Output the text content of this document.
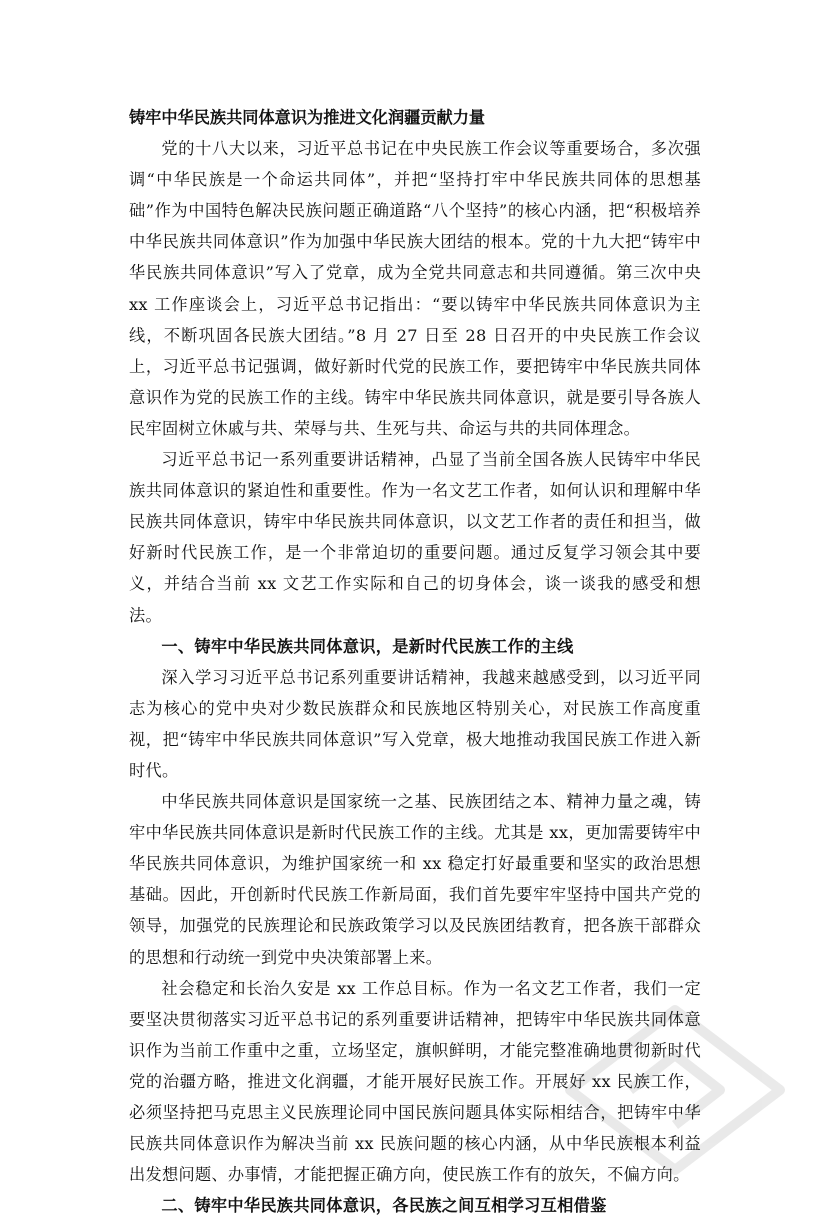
铸牢中华民族共同体意识为推进文化润疆贡献力量

党的十八大以来，习近平总书记在中央民族工作会议等重要场合，多次强调“中华民族是一个命运共同体”，并把“坚持打牢中华民族共同体的思想基础”作为中国特色解决民族问题正确道路“八个坚持”的核心内涵，把“积极培养中华民族共同体意识”作为加强中华民族大团结的根本。党的十九大把“铸牢中华民族共同体意识”写入了党章，成为全党共同意志和共同遵循。第三次中央 xx 工作座谈会上，习近平总书记指出：“要以铸牢中华民族共同体意识为主线，不断巩固各民族大团结。”8 月 27 日至 28 日召开的中央民族工作会议上，习近平总书记强调，做好新时代党的民族工作，要把铸牢中华民族共同体意识作为党的民族工作的主线。铸牢中华民族共同体意识，就是要引导各族人民牢固树立休戚与共、荣辱与共、生死与共、命运与共的共同体理念。

习近平总书记一系列重要讲话精神，凸显了当前全国各族人民铸牢中华民族共同体意识的紧迫性和重要性。作为一名文艺工作者，如何认识和理解中华民族共同体意识，铸牢中华民族共同体意识，以文艺工作者的责任和担当，做好新时代民族工作，是一个非常迫切的重要问题。通过反复学习领会其中要义，并结合当前 xx 文艺工作实际和自己的切身体会，谈一谈我的感受和想法。

一、铸牢中华民族共同体意识，是新时代民族工作的主线

深入学习习近平总书记系列重要讲话精神，我越来越感受到，以习近平同志为核心的党中央对少数民族群众和民族地区特别关心，对民族工作高度重视，把“铸牢中华民族共同体意识”写入党章，极大地推动我国民族工作进入新时代。

中华民族共同体意识是国家统一之基、民族团结之本、精神力量之魂，铸牢中华民族共同体意识是新时代民族工作的主线。尤其是 xx，更加需要铸牢中华民族共同体意识，为维护国家统一和 xx 稳定打好最重要和坚实的政治思想基础。因此，开创新时代民族工作新局面，我们首先要牢牢坚持中国共产党的领导，加强党的民族理论和民族政策学习以及民族团结教育，把各族干部群众的思想和行动统一到党中央决策部署上来。

社会稳定和长治久安是 xx 工作总目标。作为一名文艺工作者，我们一定要坚决贯彻落实习近平总书记的系列重要讲话精神，把铸牢中华民族共同体意识作为当前工作重中之重，立场坚定，旗帜鲜明，才能完整准确地贯彻新时代党的治疆方略，推进文化润疆，才能开展好民族工作。开展好 xx 民族工作，必须坚持把马克思主义民族理论同中国民族问题具体实际相结合，把铸牢中华民族共同体意识作为解决当前 xx 民族问题的核心内涵，从中华民族根本利益出发想问题、办事情，才能把握正确方向，使民族工作有的放矢，不偏方向。

二、铸牢中华民族共同体意识，各民族之间互相学习互相借鉴
